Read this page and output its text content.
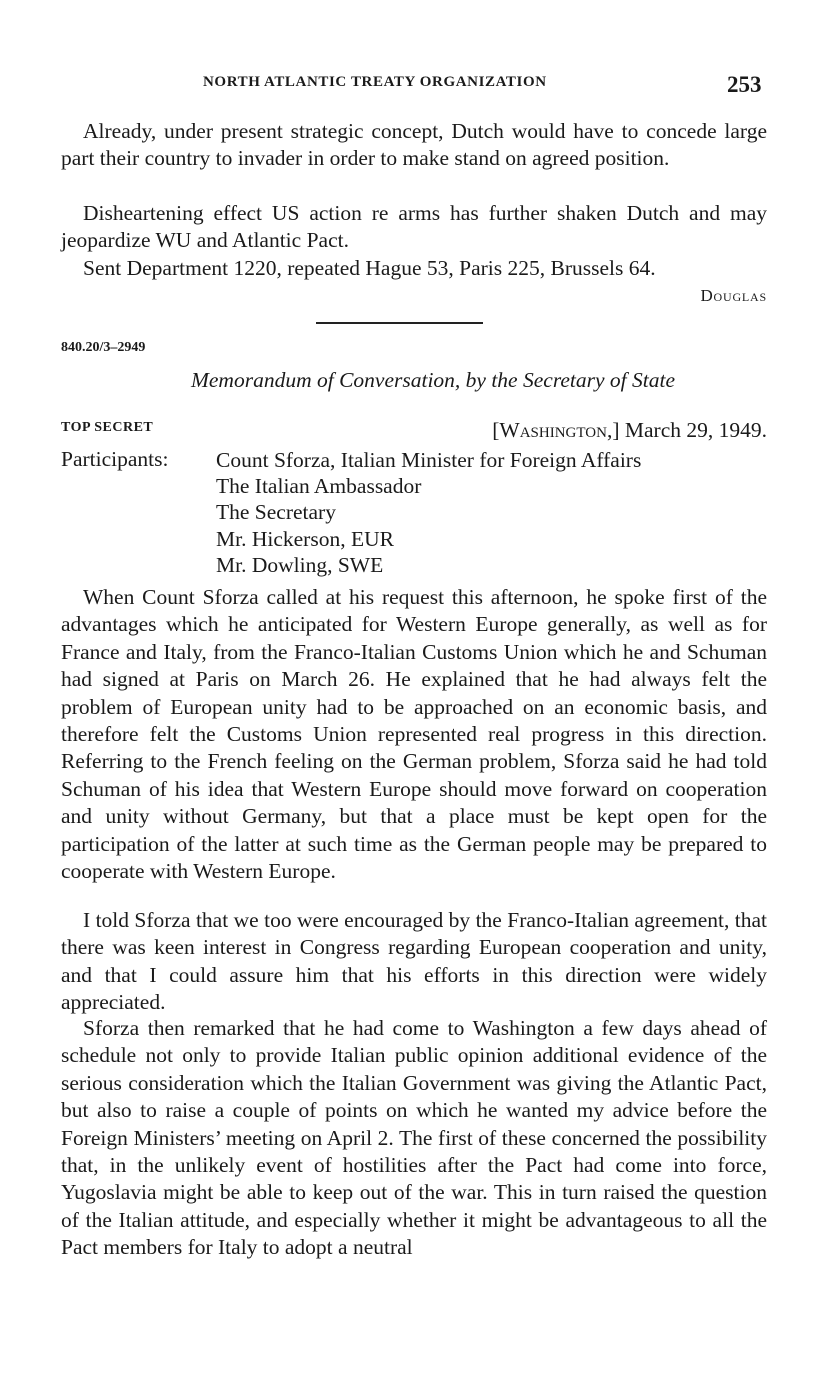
NORTH ATLANTIC TREATY ORGANIZATION	253

Already, under present strategic concept, Dutch would have to concede large part their country to invader in order to make stand on agreed position.

Disheartening effect US action re arms has further shaken Dutch and may jeopardize WU and Atlantic Pact.

Sent Department 1220, repeated Hague 53, Paris 225, Brussels 64.

Douglas
840.20/3–2949
Memorandum of Conversation, by the Secretary of State
TOP SECRET	[Washington,] March 29, 1949.
Participants: Count Sforza, Italian Minister for Foreign Affairs
The Italian Ambassador
The Secretary
Mr. Hickerson, EUR
Mr. Dowling, SWE

When Count Sforza called at his request this afternoon, he spoke first of the advantages which he anticipated for Western Europe generally, as well as for France and Italy, from the Franco-Italian Customs Union which he and Schuman had signed at Paris on March 26. He explained that he had always felt the problem of European unity had to be approached on an economic basis, and therefore felt the Customs Union represented real progress in this direction. Referring to the French feeling on the German problem, Sforza said he had told Schuman of his idea that Western Europe should move forward on cooperation and unity without Germany, but that a place must be kept open for the participation of the latter at such time as the German people may be prepared to cooperate with Western Europe.

I told Sforza that we too were encouraged by the Franco-Italian agreement, that there was keen interest in Congress regarding European cooperation and unity, and that I could assure him that his efforts in this direction were widely appreciated.

Sforza then remarked that he had come to Washington a few days ahead of schedule not only to provide Italian public opinion additional evidence of the serious consideration which the Italian Government was giving the Atlantic Pact, but also to raise a couple of points on which he wanted my advice before the Foreign Ministers’ meeting on April 2. The first of these concerned the possibility that, in the unlikely event of hostilities after the Pact had come into force, Yugoslavia might be able to keep out of the war. This in turn raised the question of the Italian attitude, and especially whether it might be advantageous to all the Pact members for Italy to adopt a neutral
